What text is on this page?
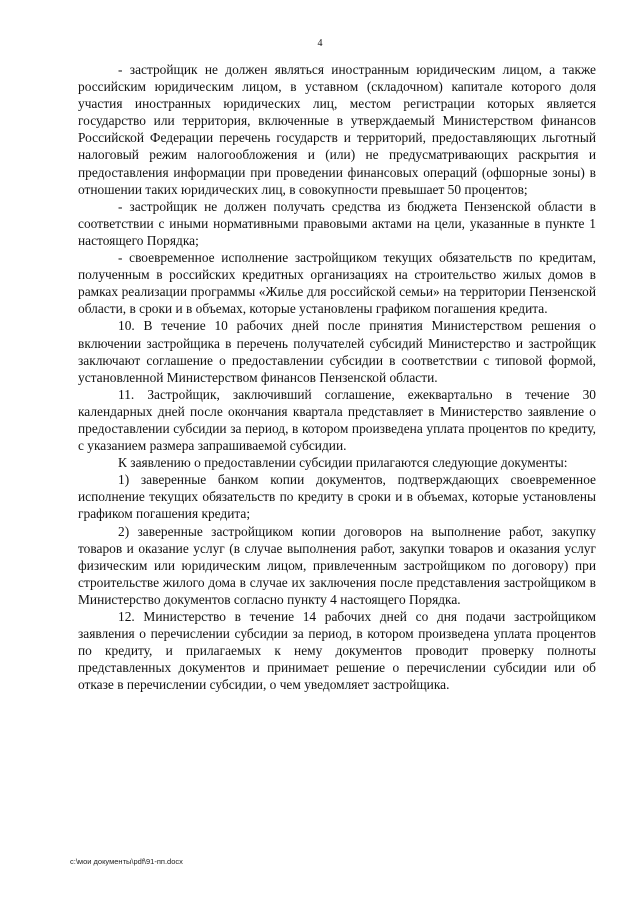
4

- застройщик не должен являться иностранным юридическим лицом, а также российским юридическим лицом, в уставном (складочном) капитале которого доля участия иностранных юридических лиц, местом регистрации которых является государство или территория, включенные в утверждаемый Министерством финансов Российской Федерации перечень государств и территорий, предоставляющих льготный налоговый режим налогообложения и (или) не предусматривающих раскрытия и предоставления информации при проведении финансовых операций (офшорные зоны) в отношении таких юридических лиц, в совокупности превышает 50 процентов;

- застройщик не должен получать средства из бюджета Пензенской области в соответствии с иными нормативными правовыми актами на цели, указанные в пункте 1 настоящего Порядка;

- своевременное исполнение застройщиком текущих обязательств по кредитам, полученным в российских кредитных организациях на строительство жилых домов в рамках реализации программы «Жилье для российской семьи» на территории Пензенской области, в сроки и в объемах, которые установлены графиком погашения кредита.

10. В течение 10 рабочих дней после принятия Министерством решения о включении застройщика в перечень получателей субсидий Министерство и застройщик заключают соглашение о предоставлении субсидии в соответствии с типовой формой, установленной Министерством финансов Пензенской области.

11. Застройщик, заключивший соглашение, ежеквартально в течение 30 календарных дней после окончания квартала представляет в Министерство заявление о предоставлении субсидии за период, в котором произведена уплата процентов по кредиту, с указанием размера запрашиваемой субсидии.

К заявлению о предоставлении субсидии прилагаются следующие документы:

1) заверенные банком копии документов, подтверждающих своевременное исполнение текущих обязательств по кредиту в сроки и в объемах, которые установлены графиком погашения кредита;

2) заверенные застройщиком копии договоров на выполнение работ, закупку товаров и оказание услуг (в случае выполнения работ, закупки товаров и оказания услуг физическим или юридическим лицом, привлеченным застройщиком по договору) при строительстве жилого дома в случае их заключения после представления застройщиком в Министерство документов согласно пункту 4 настоящего Порядка.

12. Министерство в течение 14 рабочих дней со дня подачи застройщиком заявления о перечислении субсидии за период, в котором произведена уплата процентов по кредиту, и прилагаемых к нему документов проводит проверку полноты представленных документов и принимает решение о перечислении субсидии или об отказе в перечислении субсидии, о чем уведомляет застройщика.

c:\мои документы\pdf\91-пп.docx
